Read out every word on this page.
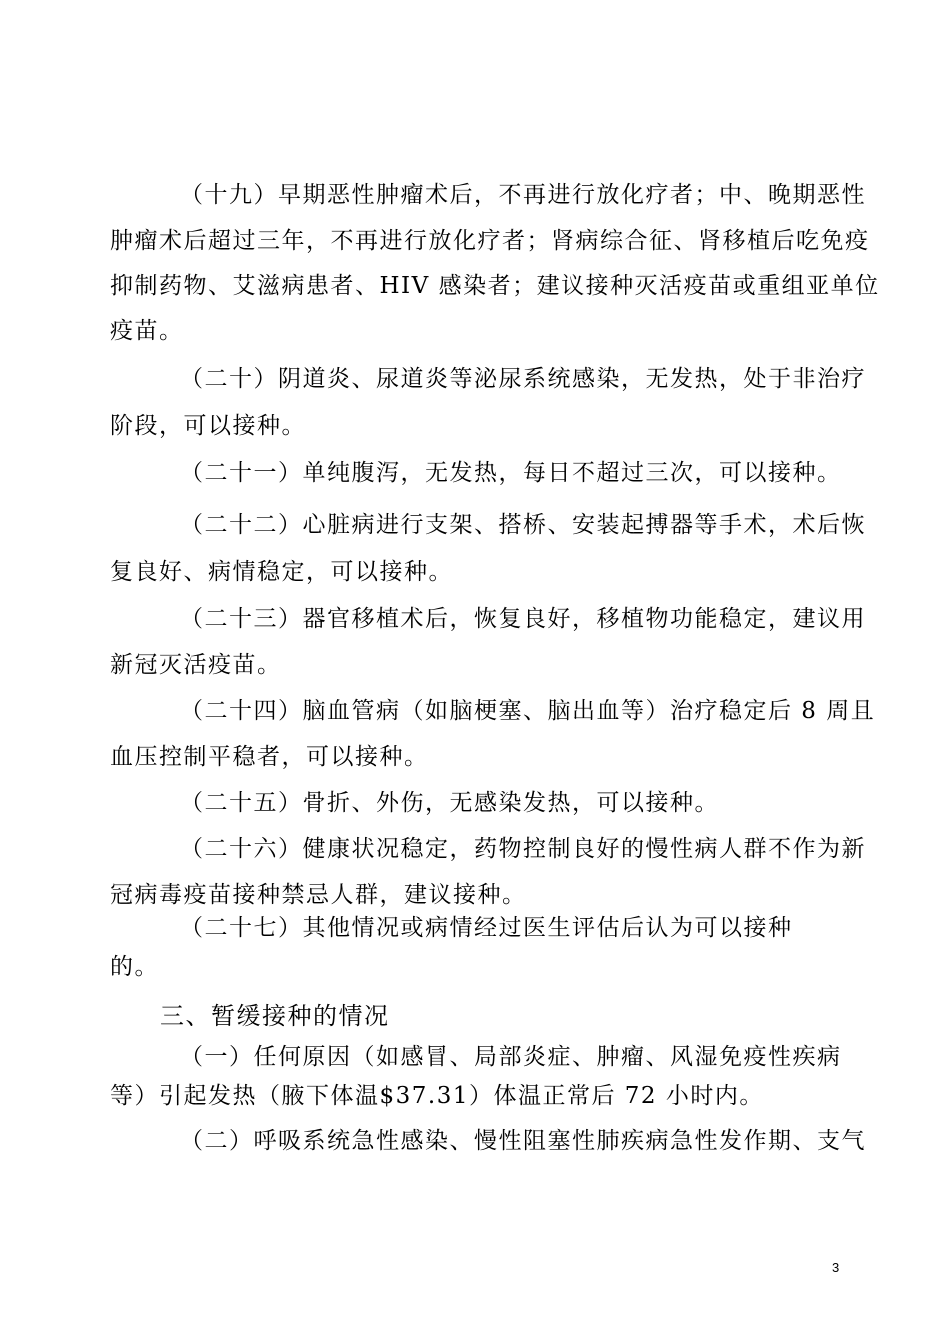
（十九）早期恶性肿瘤术后，不再进行放化疗者；中、晚期恶性
肿瘤术后超过三年，不再进行放化疗者；肾病综合征、肾移植后吃免疫
抑制药物、艾滋病患者、HIV 感染者；建议接种灭活疫苗或重组亚单位
疫苗。
（二十）阴道炎、尿道炎等泌尿系统感染，无发热，处于非治疗
阶段，可以接种。
（二十一）单纯腹泻，无发热，每日不超过三次，可以接种。
（二十二）心脏病进行支架、搭桥、安装起搏器等手术，术后恢
复良好、病情稳定，可以接种。
（二十三）器官移植术后，恢复良好，移植物功能稳定，建议用
新冠灭活疫苗。
（二十四）脑血管病（如脑梗塞、脑出血等）治疗稳定后 8 周且
血压控制平稳者，可以接种。
（二十五）骨折、外伤，无感染发热，可以接种。
（二十六）健康状况稳定，药物控制良好的慢性病人群不作为新
冠病毒疫苗接种禁忌人群，建议接种。
（二十七）其他情况或病情经过医生评估后认为可以接种
的。
三、暂缓接种的情况
（一）任何原因（如感冒、局部炎症、肿瘤、风湿免疫性疾病
等）引起发热（腋下体温$37.31）体温正常后 72 小时内。
（二）呼吸系统急性感染、慢性阻塞性肺疾病急性发作期、支气
3
